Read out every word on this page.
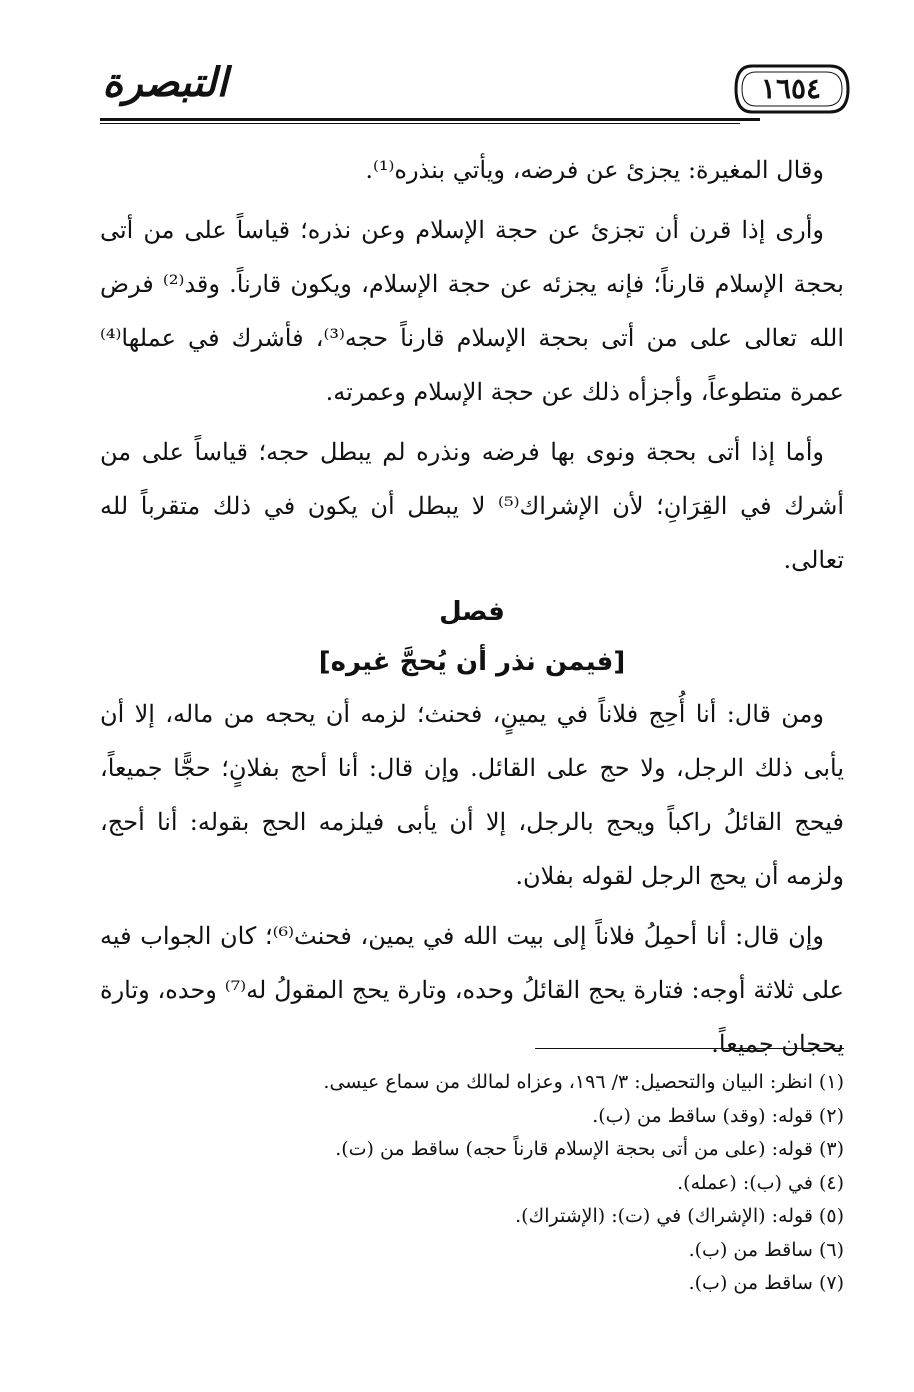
التبصرة	١٦٥٤

وقال المغيرة: يجزئ عن فرضه، ويأتي بنذره⁽¹⁾.

وأرى إذا قرن أن تجزئ عن حجة الإسلام وعن نذره؛ قياساً على من أتى بحجة الإسلام قارناً؛ فإنه يجزئه عن حجة الإسلام، ويكون قارناً. وقد⁽²⁾ فرض الله تعالى على من أتى بحجة الإسلام قارناً حجه⁽³⁾، فأشرك في عملها⁽⁴⁾ عمرة متطوعاً، وأجزأه ذلك عن حجة الإسلام وعمرته.

وأما إذا أتى بحجة ونوى بها فرضه ونذره لم يبطل حجه؛ قياساً على من أشرك في القِرَانِ؛ لأن الإشراك⁽⁵⁾ لا يبطل أن يكون في ذلك متقرباً لله تعالى.

فصل

[فيمن نذر أن يُحجَّ غيره]

ومن قال: أنا أُحِج فلاناً في يمينٍ، فحنث؛ لزمه أن يحجه من ماله، إلا أن يأبى ذلك الرجل، ولا حج على القائل. وإن قال: أنا أحج بفلانٍ؛ حجًّا جميعاً، فيحج القائلُ راكباً ويحج بالرجل، إلا أن يأبى فيلزمه الحج بقوله: أنا أحج، ولزمه أن يحج الرجل لقوله بفلان.

وإن قال: أنا أحمِلُ فلاناً إلى بيت الله في يمين، فحنث⁽⁶⁾؛ كان الجواب فيه على ثلاثة أوجه: فتارة يحج القائلُ وحده، وتارة يحج المقولُ له⁽⁷⁾ وحده، وتارة يحجان جميعاً.

(١) انظر: البيان والتحصيل: ٣/ ١٩٦، وعزاه لمالك من سماع عيسى.

(٢) قوله: (وقد) ساقط من (ب).

(٣) قوله: (على من أتى بحجة الإسلام قارناً حجه) ساقط من (ت).

(٤) في (ب): (عمله).

(٥) قوله: (الإشراك) في (ت): (الإشتراك).

(٦) ساقط من (ب).

(٧) ساقط من (ب).
